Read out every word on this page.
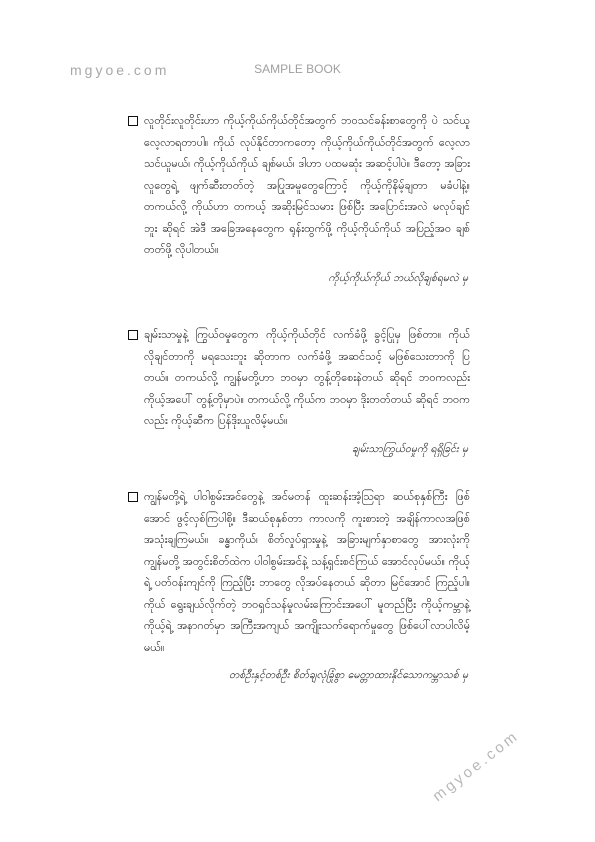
mgyoe.com	SAMPLE BOOK

လူတိုင်းလူတိုင်းဟာ ကိုယ့်ကိုယ်ကိုယ်တိုင်အတွက် ဘဝသင်ခန်းစာတွေကို ပဲ သင်ယူ လေ့လာရတာပါ။ ကိုယ် လုပ်နိုင်တာကတော့ ကိုယ့်ကိုယ်ကိုယ်တိုင်အတွက် လေ့လာ သင်ယူမယ်၊ ကိုယ့်ကိုယ်ကိုယ် ချစ်မယ်၊ ဒါဟာ ပထမဆုံး အဆင့်ပါပဲ။ ဒီတော့ အခြားလူတွေရဲ့ ဖျက်ဆီးတတ်တဲ့ အပြုအမူတွေကြောင့် ကိုယ့်ကိုနိမ့်ချတာ မခံပါနဲ့။ တကယ်လို့ ကိုယ်ဟာ တကယ့် အဆိုးမြင်သမား ဖြစ်ပြီး အပြောင်းအလဲ မလုပ်ချင်ဘူး ဆိုရင် အဲဒီ အခြေအနေတွေက ရုန်းထွက်ဖို့ ကိုယ့်ကိုယ်ကိုယ် အပြည့်အဝ ချစ်တတ်ဖို့ လိုပါတယ်။

ကိုယ့်ကိုယ်ကိုယ် ဘယ်လိုချစ်ရမလဲ မှ

ချမ်းသာမှုနဲ့ ကြွယ်ဝမှုတွေက ကိုယ့်ကိုယ်တိုင် လက်ခံဖို့ ခွင့်ပြုမှ ဖြစ်တာ။ ကိုယ် လိုချင်တာကို မရသေးဘူး ဆိုတာက လက်ခံဖို့ အဆင်သင့် မဖြစ်သေးတာကို ပြတယ်။ တကယ်လို့ ကျွန်မတို့ဟာ ဘဝမှာ တွန့်တိုစေးနဲတယ် ဆိုရင် ဘဝကလည်း ကိုယ့်အပေါ် တွန့်တိုမှာပဲ။ တကယ်လို့ ကိုယ်က ဘဝမှာ ဒိုးတတ်တယ် ဆိုရင် ဘဝကလည်း ကိုယ့်ဆီက ပြန်ဒိုးယူလိမ့်မယ်။

ချမ်းသာကြွယ်ဝမှုကို ရရှိခြင်း မှ

ကျွန်မတို့ရဲ့ ပါဝါစွမ်းအင်တွေနဲ့ အင်မတန် ထူးဆန်းအံ့ဩရာ ဆယ်စုနှစ်ကြီး ဖြစ်အောင် ဖွင့်လှစ်ကြပါစို့။ ဒီဆယ်စုနှစ်တာ ကာလကို ကူးစားတဲ့ အချိန်ကာလအဖြစ် အသုံးချကြမယ်။ ခန္ဓာကိုယ်၊ စိတ်လှုပ်ရှားမှုနဲ့ အခြားမျက်နှာစာတွေ အားလုံးကို ကျွန်မတို့ အတွင်းစိတ်ထဲက ပါဝါစွမ်းအင်နဲ့ သန့်ရှင်းစင်ကြယ် အောင်လုပ်မယ်။ ကိုယ့်ရဲ့ ပတ်ဝန်းကျင်ကို ကြည့်ပြီး ဘာတွေ လိုအပ်နေတယ် ဆိုတာ မြင်အောင် ကြည့်ပါ။ ကိုယ် ရွေးချယ်လိုက်တဲ့ ဘဝရှင်သန်မှုလမ်းကြောင်းအပေါ် မူတည်ပြီး ကိုယ့်ကမ္ဘာနဲ့ ကိုယ့်ရဲ့ အနာဂတ်မှာ အကြီးအကျယ် အကျိုးသက်ရောက်မှုတွေ ဖြစ်ပေါ်လာပါလိမ့်မယ်။

တစ်ဦးနှင့်တစ်ဦး စိတ်ချလုံခြုံစွာ မေတ္တာထားနိုင်သောကမ္ဘာသစ် မှ

mgyoe.com
